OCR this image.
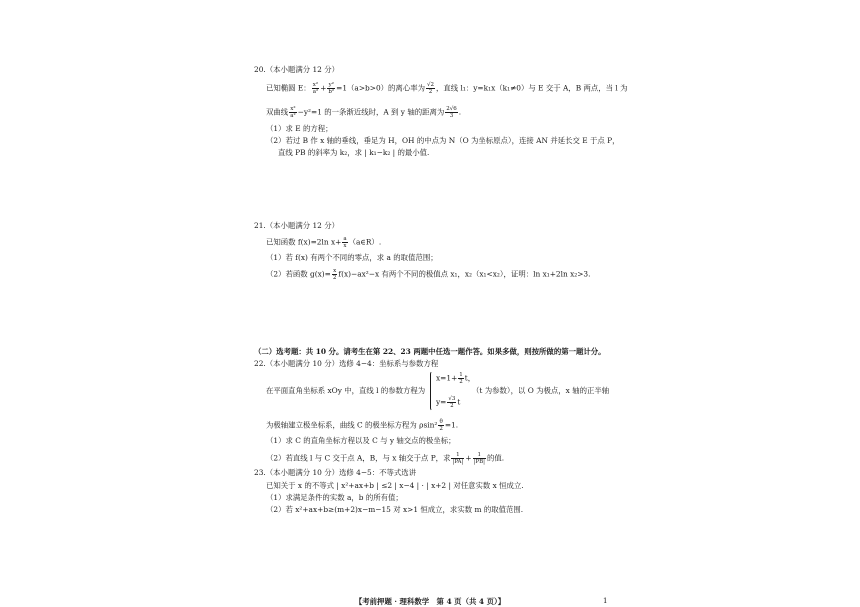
20.（本小题满分 12 分）
已知椭圆 E： $\frac{\text{x²}}{\text{a²}} + \frac{\text{y²}}{\text{b²}} =1(a>b>0)$的离心率为 $\frac{√2}{2}$ ，直线 l₁：y=k₁x（k₁≠0）与 E 交于 A，B 两点，当 l 为
双曲线 $\frac{\text{x²}}{\text{a²}} -y^2=1$ 的一条渐近线时，A 到 y 轴的距离为 $\frac{2√6}{3}$ .
（1）求 E 的方程；
（2）若过 B 作 x 轴的垂线，垂足为 H，OH 的中点为 N（O 为坐标原点），连接 AN 并延长交 E 于点 P，
直线 PB 的斜率为 k₂，求 | k₁−k₂ | 的最小值.
21.（本小题满分 12 分）
已知函数 f(x)=2ln $x+ \frac{a}{x}$ （a∈R）.
（1）若 f(x) 有两个不同的零点，求 a 的取值范围；
（2）若函数 $g(x)= \frac{x}{2} f(x)-ax^2-x$ 有两个不同的极值点 x₁，x₂（x₁<x₂），证明：ln x₁+2ln x₂>3.
（二）选考题：共 10 分。请考生在第 22、23 两题中任选一题作答。如果多做，则按所做的第一题计分。
22.（本小题满分 10 分）选修 4−4：坐标系与参数方程
在平面直角坐标系 xOy 中，直线 l 的参数方程为
$x=1+ \frac{1}{2}$ t，
$y= \frac{√3}{2}$ t
（t 为参数），以 O 为极点，x 轴的正半轴
为极轴建立极坐标系，曲线 C 的极坐标方程为 $\rho\sin^2 \frac{\theta}{2} =1$.
（1）求 C 的直角坐标方程以及 C 与 y 轴交点的极坐标；
（2）若直线 l 与 C 交于点 A，B，与 x 轴交于点 P，求 $\frac{1}{|PA|} + \frac{1}{|PB|}$ 的值.
23.（本小题满分 10 分）选修 4−5：不等式选讲
已知关于 x 的不等式 | x²+ax+b | ≤2 | x−4 | · | x+2 | 对任意实数 x 恒成立.
（1）求满足条件的实数 a，b 的所有值；
（2）若 x²+ax+b≥(m+2)x−m−15 对 x>1 恒成立，求实数 m 的取值范围.
【考前押题 · 理科数学　第 4 页（共 4 页）】	1
